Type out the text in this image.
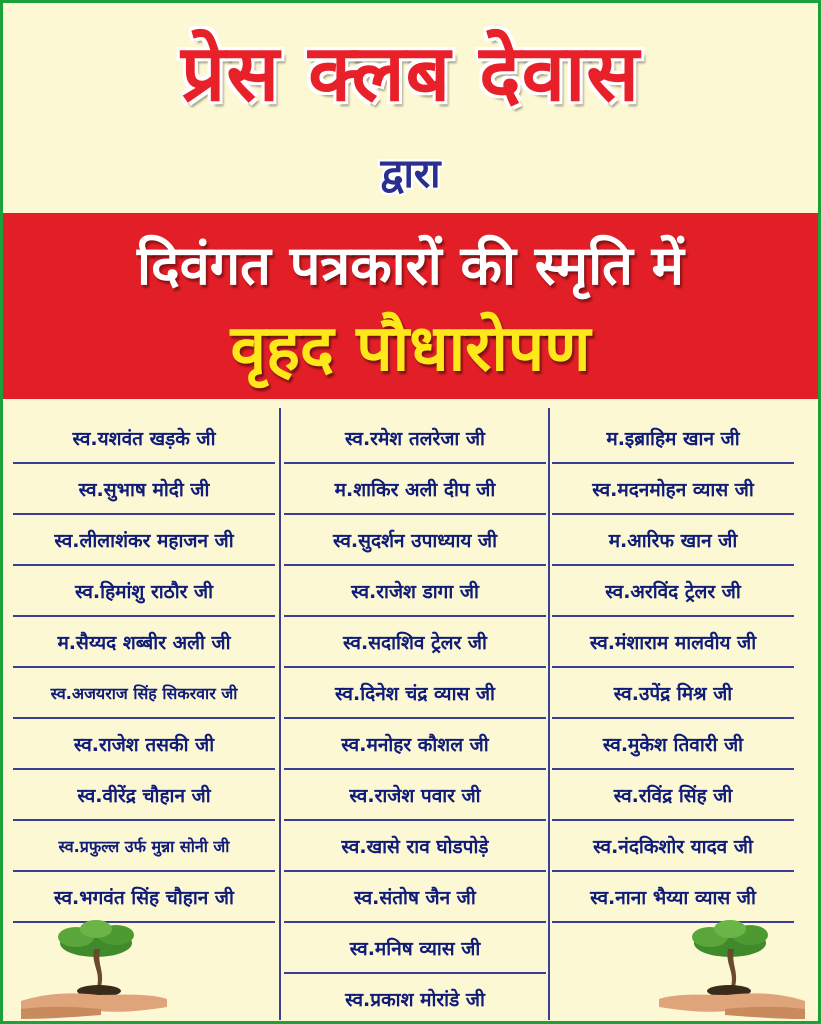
प्रेस क्लब देवास
द्वारा
दिवंगत पत्रकारों की स्मृति में
वृहद पौधारोपण
स्व.यशवंत खड़के जी
स्व.सुभाष मोदी जी
स्व.लीलाशंकर महाजन जी
स्व.हिमांशु राठौर जी
म.सैय्यद शब्बीर अली जी
स्व.अजयराज सिंह सिकरवार जी
स्व.राजेश तसकी जी
स्व.वीरेंद्र चौहान जी
स्व.प्रफुल्ल उर्फ मुन्ना सोनी जी
स्व.भगवंत सिंह चौहान जी
स्व.रमेश तलरेजा जी
म.शाकिर अली दीप जी
स्व.सुदर्शन उपाध्याय जी
स्व.राजेश डागा जी
स्व.सदाशिव ट्रेलर जी
स्व.दिनेश चंद्र व्यास जी
स्व.मनोहर कौशल जी
स्व.राजेश पवार जी
स्व.खासे राव घोडपोड़े
स्व.संतोष जैन जी
स्व.मनिष व्यास जी
स्व.प्रकाश मोरांडे जी
म.इब्राहिम खान जी
स्व.मदनमोहन व्यास जी
म.आरिफ खान जी
स्व.अरविंद ट्रेलर जी
स्व.मंशाराम मालवीय जी
स्व.उपेंद्र मिश्र जी
स्व.मुकेश तिवारी जी
स्व.रविंद्र सिंह जी
स्व.नंदकिशोर यादव जी
स्व.नाना भैय्या व्यास जी
